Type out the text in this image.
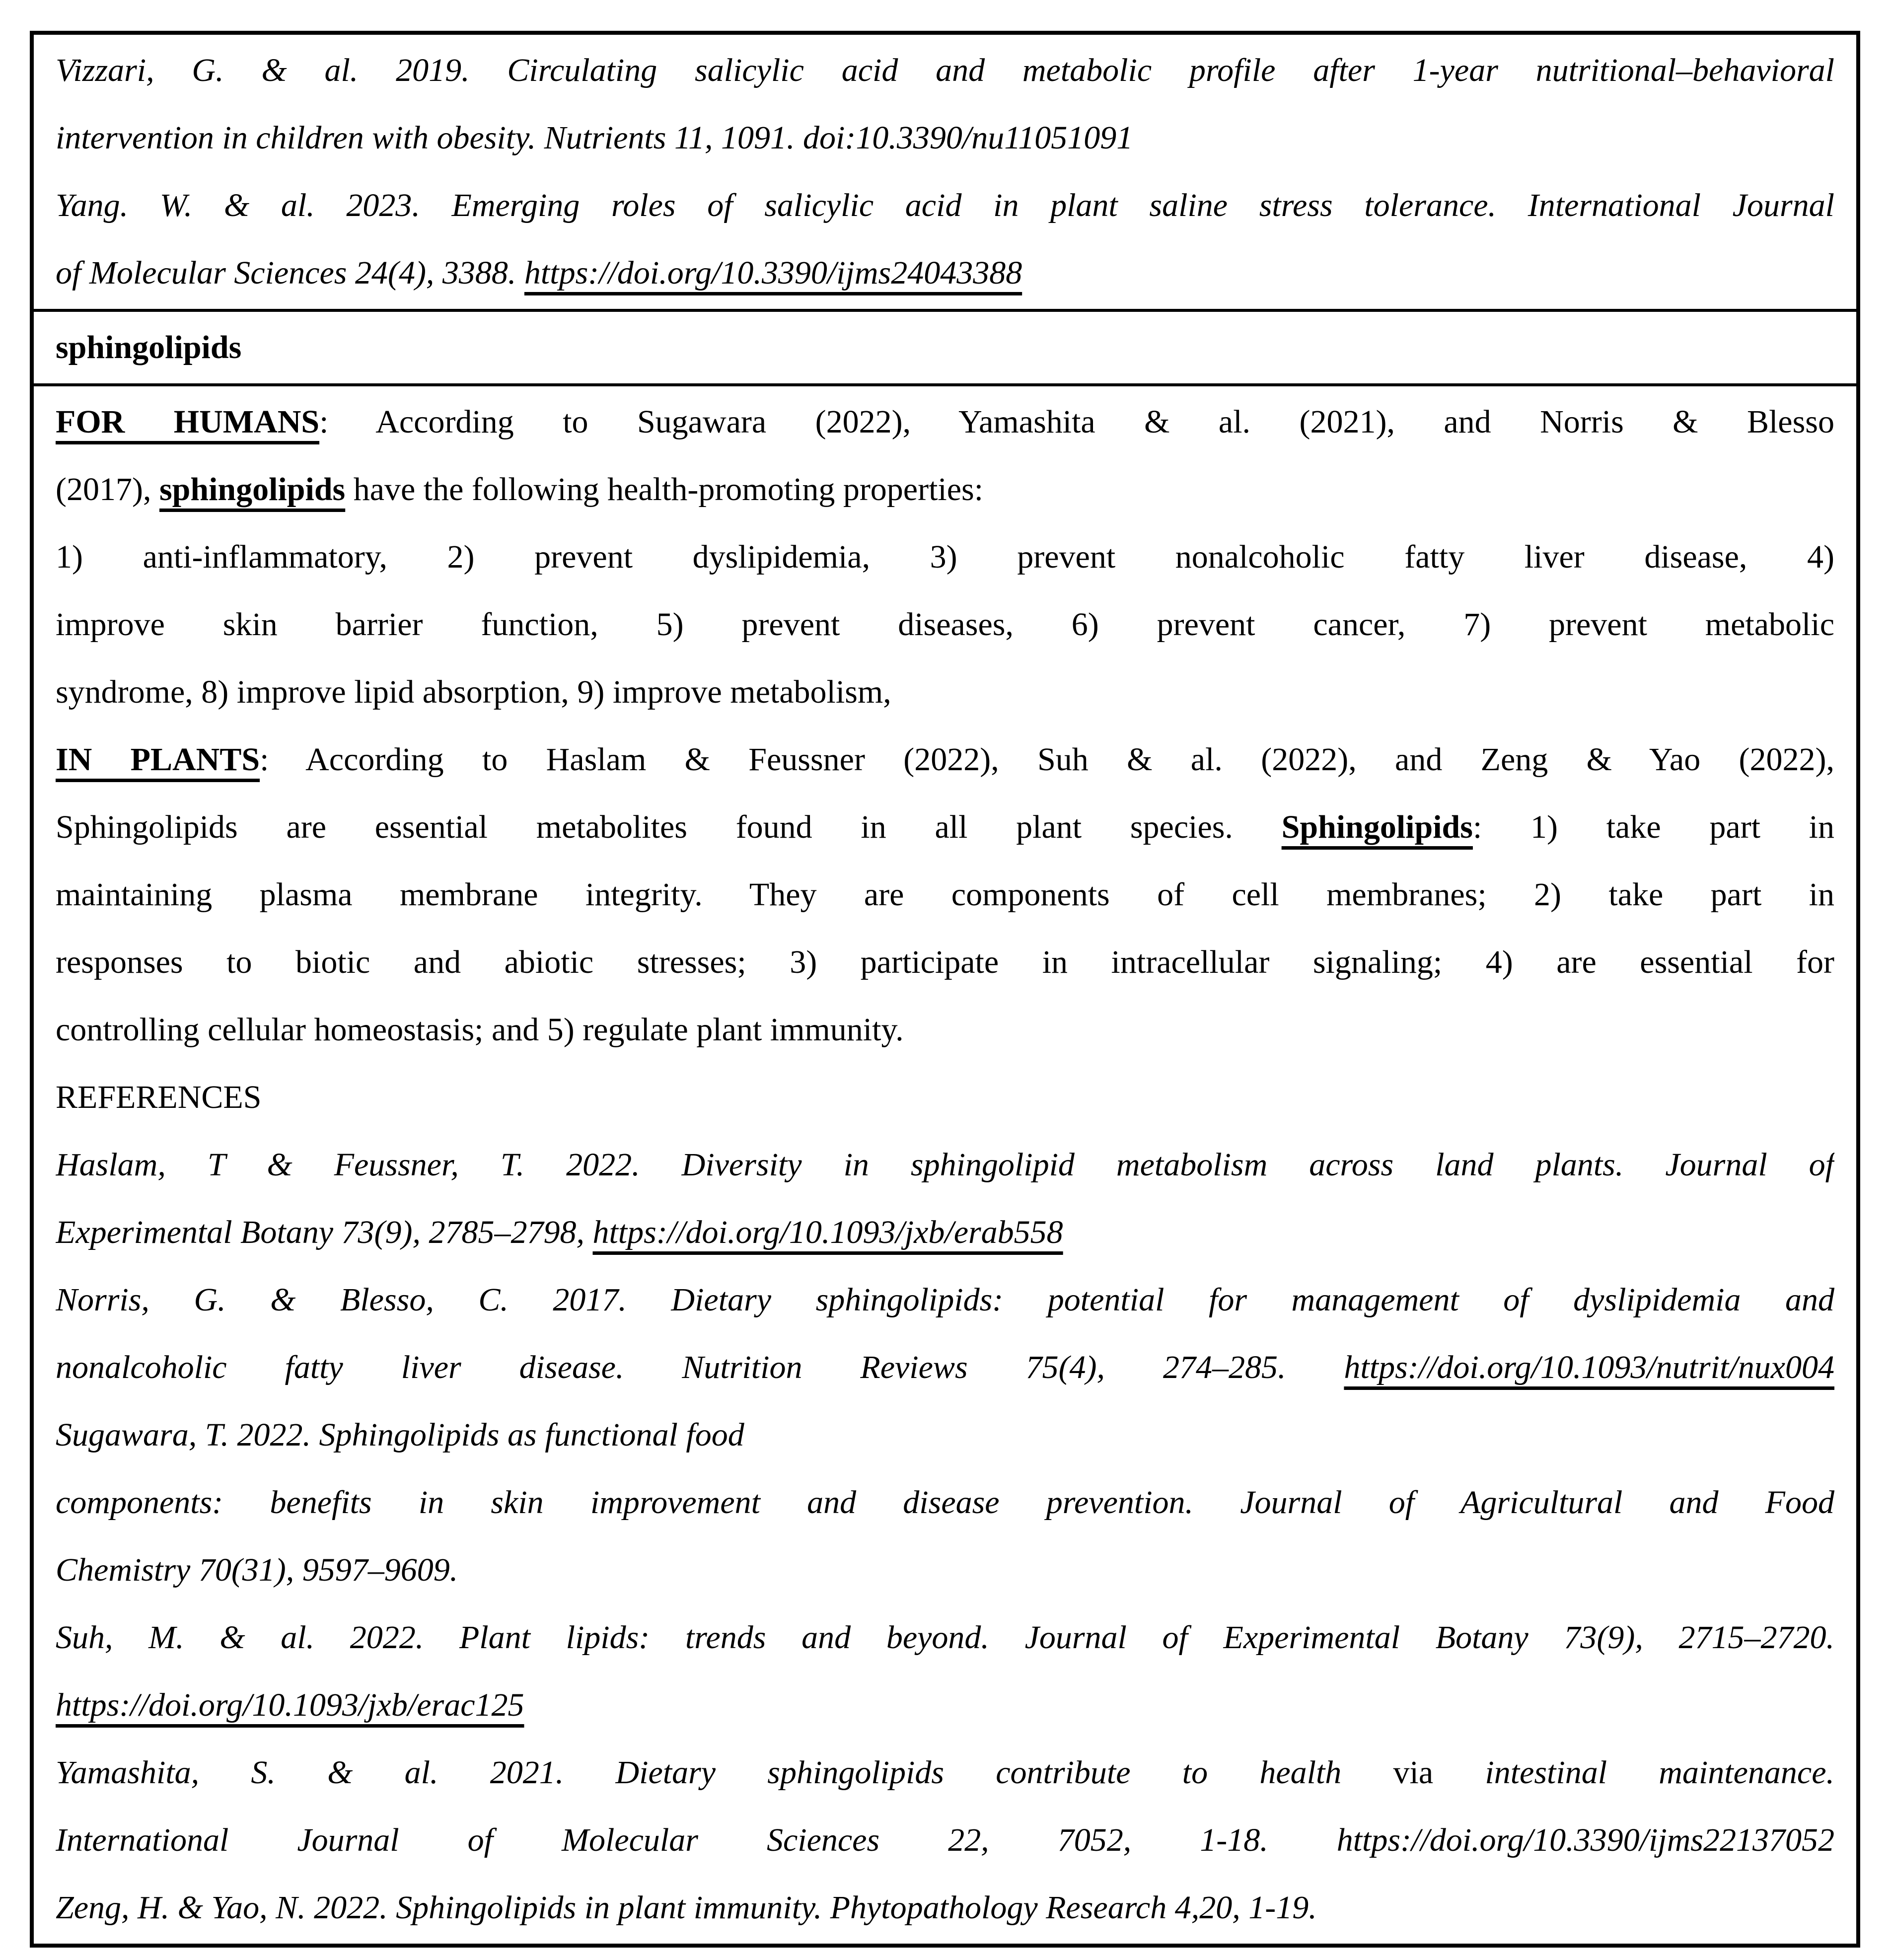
Vizzari, G. & al. 2019. Circulating salicylic acid and metabolic profile after 1-year nutritional–behavioral
intervention in children with obesity. Nutrients 11, 1091. doi:10.3390/nu11051091
Yang. W. & al. 2023. Emerging roles of salicylic acid in plant saline stress tolerance. International Journal
of Molecular Sciences 24(4), 3388. https://doi.org/10.3390/ijms24043388
sphingolipids
FOR HUMANS: According to Sugawara (2022), Yamashita & al. (2021), and Norris & Blesso
(2017), sphingolipids have the following health-promoting properties:
1) anti-inflammatory, 2) prevent dyslipidemia, 3) prevent nonalcoholic fatty liver disease, 4)
improve skin barrier function, 5) prevent diseases, 6) prevent cancer, 7) prevent metabolic
syndrome, 8) improve lipid absorption, 9) improve metabolism,
IN PLANTS: According to Haslam & Feussner (2022), Suh & al. (2022), and Zeng & Yao (2022),
Sphingolipids are essential metabolites found in all plant species. Sphingolipids: 1) take part in
maintaining plasma membrane integrity. They are components of cell membranes; 2) take part in
responses to biotic and abiotic stresses; 3) participate in intracellular signaling; 4) are essential for
controlling cellular homeostasis; and 5) regulate plant immunity.
REFERENCES
Haslam, T & Feussner, T. 2022. Diversity in sphingolipid metabolism across land plants. Journal of
Experimental Botany 73(9), 2785–2798, https://doi.org/10.1093/jxb/erab558
Norris, G. & Blesso, C. 2017. Dietary sphingolipids: potential for management of dyslipidemia and
nonalcoholic fatty liver disease. Nutrition Reviews 75(4), 274–285. https://doi.org/10.1093/nutrit/nux004
Sugawara, T. 2022. Sphingolipids as functional food
components: benefits in skin improvement and disease prevention. Journal of Agricultural and Food
Chemistry 70(31), 9597–9609.
Suh, M. & al. 2022. Plant lipids: trends and beyond. Journal of Experimental Botany 73(9), 2715–2720.
https://doi.org/10.1093/jxb/erac125
Yamashita, S. & al. 2021. Dietary sphingolipids contribute to health via intestinal maintenance.
International Journal of Molecular Sciences 22, 7052, 1-18. https://doi.org/10.3390/ijms22137052
Zeng, H. & Yao, N. 2022. Sphingolipids in plant immunity. Phytopathology Research 4,20, 1-19.
